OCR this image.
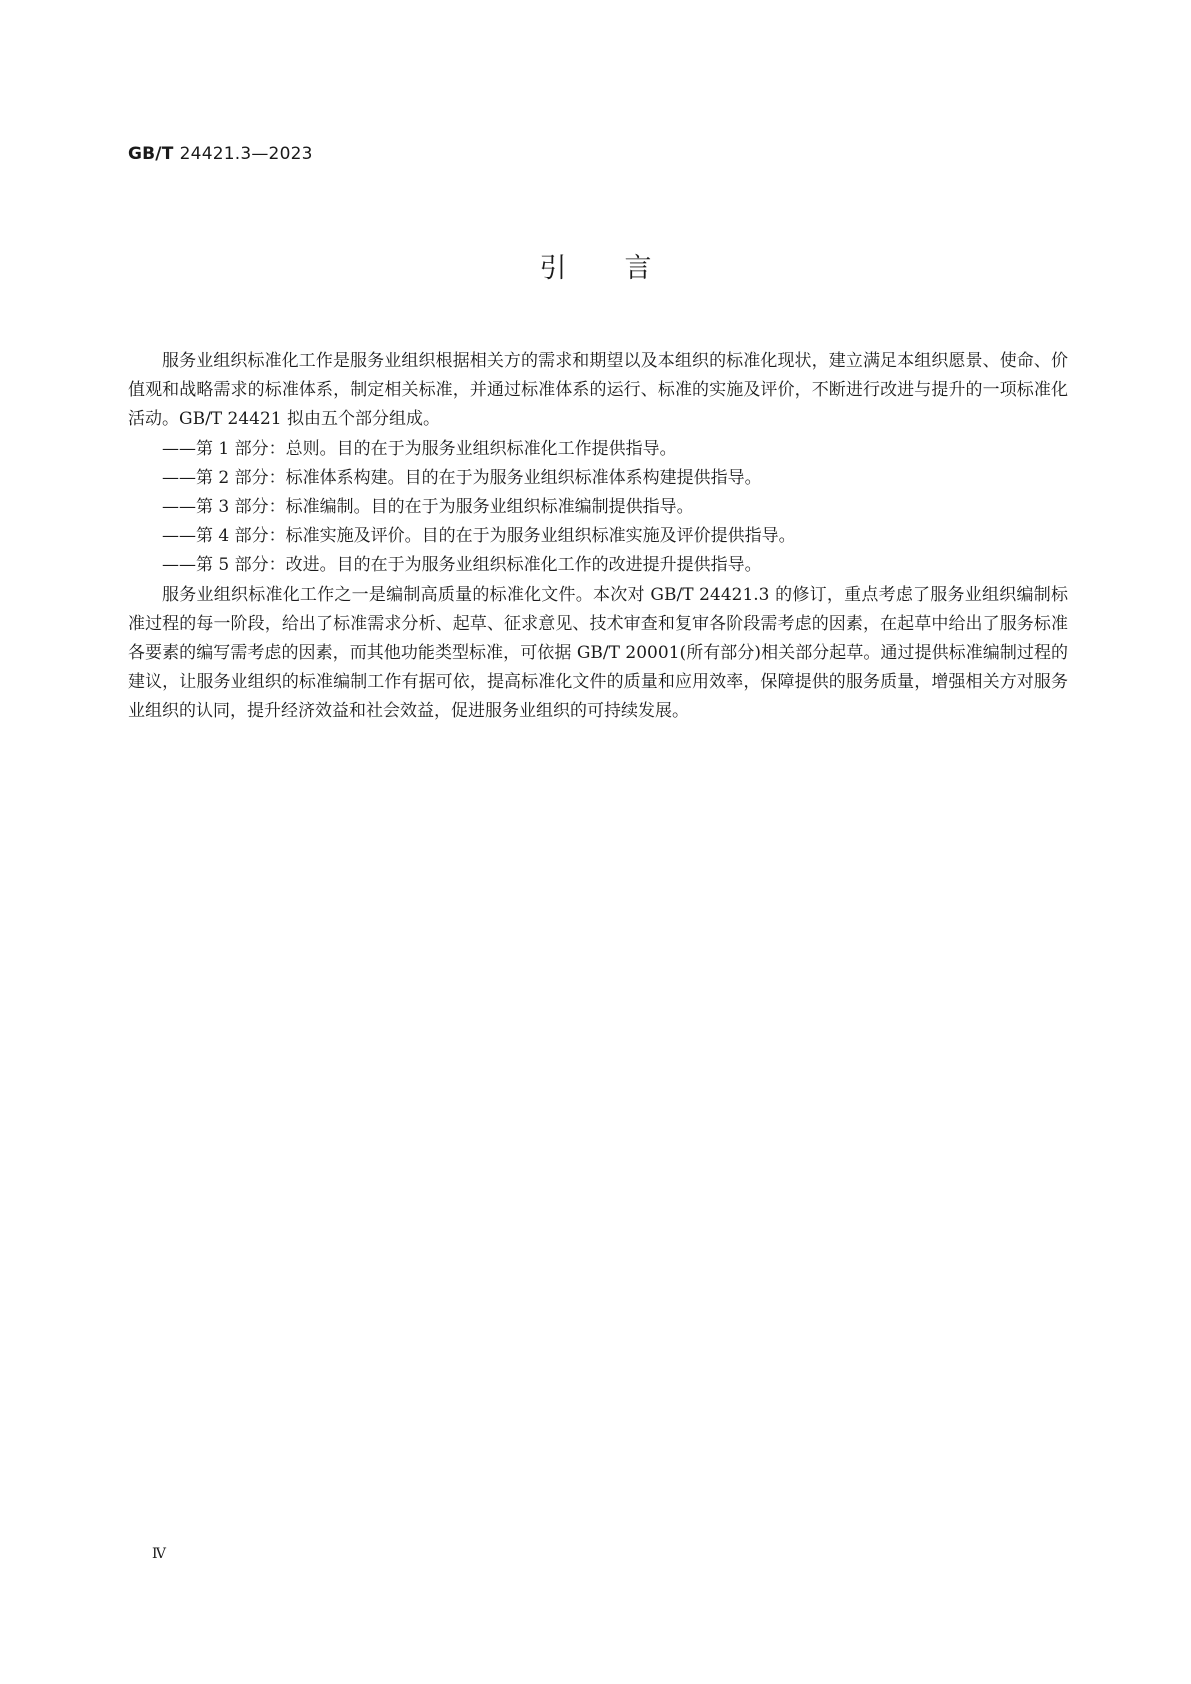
GB/T 24421.3—2023
引言

服务业组织标准化工作是服务业组织根据相关方的需求和期望以及本组织的标准化现状，建立满足本组织愿景、使命、价值观和战略需求的标准体系，制定相关标准，并通过标准体系的运行、标准的实施及评价，不断进行改进与提升的一项标准化活动。GB/T 24421 拟由五个部分组成。

——第 1 部分：总则。目的在于为服务业组织标准化工作提供指导。
——第 2 部分：标准体系构建。目的在于为服务业组织标准体系构建提供指导。
——第 3 部分：标准编制。目的在于为服务业组织标准编制提供指导。
——第 4 部分：标准实施及评价。目的在于为服务业组织标准实施及评价提供指导。
——第 5 部分：改进。目的在于为服务业组织标准化工作的改进提升提供指导。

服务业组织标准化工作之一是编制高质量的标准化文件。本次对 GB/T 24421.3 的修订，重点考虑了服务业组织编制标准过程的每一阶段，给出了标准需求分析、起草、征求意见、技术审查和复审各阶段需考虑的因素，在起草中给出了服务标准各要素的编写需考虑的因素，而其他功能类型标准，可依据 GB/T 20001(所有部分)相关部分起草。通过提供标准编制过程的建议，让服务业组织的标准编制工作有据可依，提高标准化文件的质量和应用效率，保障提供的服务质量，增强相关方对服务业组织的认同，提升经济效益和社会效益，促进服务业组织的可持续发展。

Ⅳ
